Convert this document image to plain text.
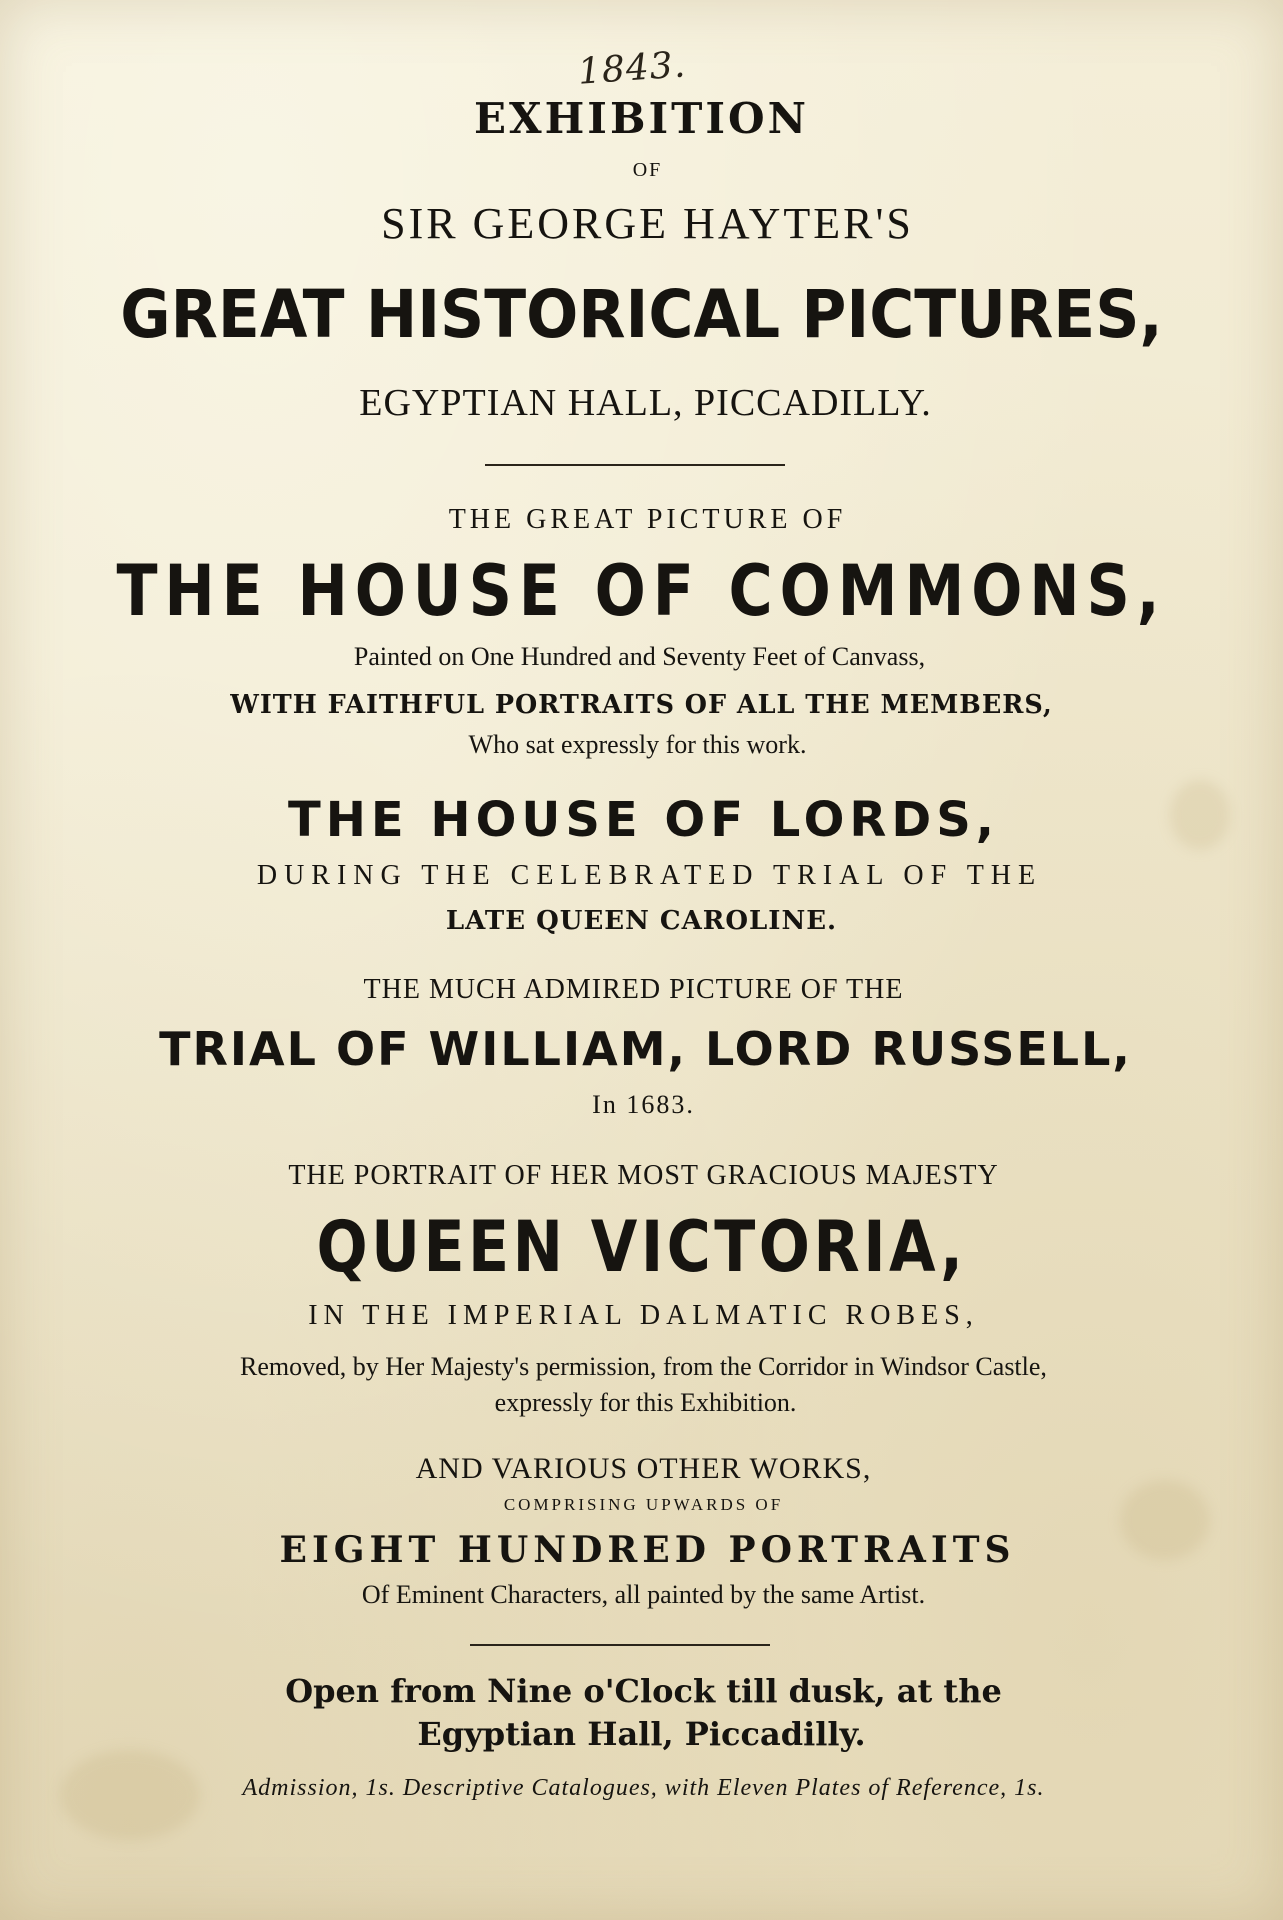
1843.
EXHIBITION
OF
SIR GEORGE HAYTER'S
GREAT HISTORICAL PICTURES,
EGYPTIAN HALL, PICCADILLY.
THE GREAT PICTURE OF
THE HOUSE OF COMMONS,
Painted on One Hundred and Seventy Feet of Canvass,
WITH FAITHFUL PORTRAITS OF ALL THE MEMBERS,
Who sat expressly for this work.
THE HOUSE OF LORDS,
DURING THE CELEBRATED TRIAL OF THE
LATE QUEEN CAROLINE.
THE MUCH ADMIRED PICTURE OF THE
TRIAL OF WILLIAM, LORD RUSSELL,
In 1683.
THE PORTRAIT OF HER MOST GRACIOUS MAJESTY
QUEEN VICTORIA,
IN THE IMPERIAL DALMATIC ROBES,
Removed, by Her Majesty's permission, from the Corridor in Windsor Castle,
expressly for this Exhibition.
AND VARIOUS OTHER WORKS,
COMPRISING UPWARDS OF
EIGHT HUNDRED PORTRAITS
Of Eminent Characters, all painted by the same Artist.
Open from Nine o'Clock till dusk, at the
Egyptian Hall, Piccadilly.
Admission, 1s. Descriptive Catalogues, with Eleven Plates of Reference, 1s.
